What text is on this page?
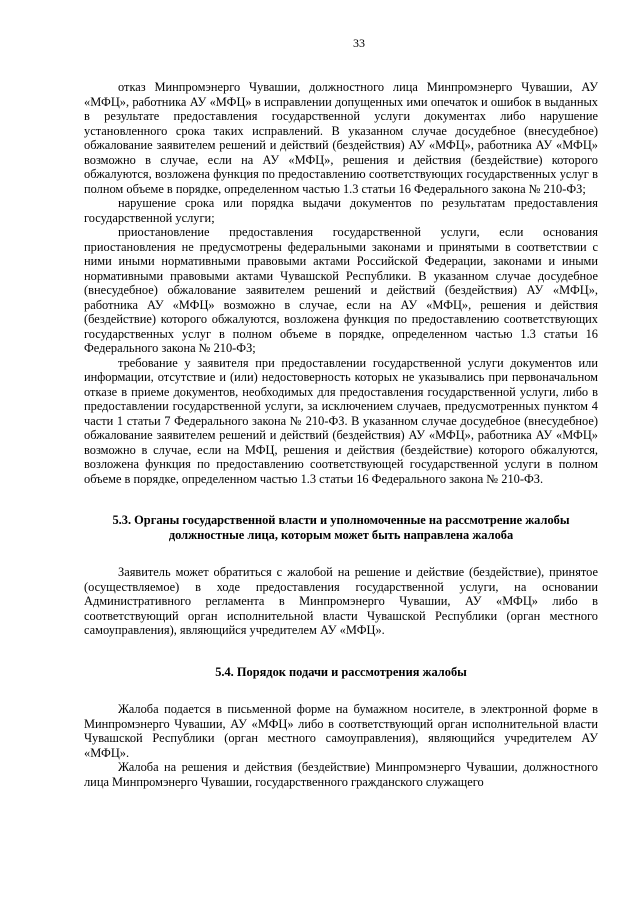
33

отказ Минпромэнерго Чувашии, должностного лица Минпромэнерго Чувашии, АУ «МФЦ», работника АУ «МФЦ» в исправлении допущенных ими опечаток и ошибок в выданных в результате предоставления государственной услуги документах либо нарушение установленного срока таких исправлений. В указанном случае досудебное (внесудебное) обжалование заявителем решений и действий (бездействия) АУ «МФЦ», работника АУ «МФЦ» возможно в случае, если на АУ «МФЦ», решения и действия (бездействие) которого обжалуются, возложена функция по предоставлению соответствующих государственных услуг в полном объеме в порядке, определенном частью 1.3 статьи 16 Федерального закона № 210-ФЗ;

нарушение срока или порядка выдачи документов по результатам предоставления государственной услуги;

приостановление предоставления государственной услуги, если основания приостановления не предусмотрены федеральными законами и принятыми в соответствии с ними иными нормативными правовыми актами Российской Федерации, законами и иными нормативными правовыми актами Чувашской Республики. В указанном случае досудебное (внесудебное) обжалование заявителем решений и действий (бездействия) АУ «МФЦ», работника АУ «МФЦ» возможно в случае, если на АУ «МФЦ», решения и действия (бездействие) которого обжалуются, возложена функция по предоставлению соответствующих государственных услуг в полном объеме в порядке, определенном частью 1.3 статьи 16 Федерального закона № 210-ФЗ;

требование у заявителя при предоставлении государственной услуги документов или информации, отсутствие и (или) недостоверность которых не указывались при первоначальном отказе в приеме документов, необходимых для предоставления государственной услуги, либо в предоставлении государственной услуги, за исключением случаев, предусмотренных пунктом 4 части 1 статьи 7 Федерального закона № 210-ФЗ. В указанном случае досудебное (внесудебное) обжалование заявителем решений и действий (бездействия) АУ «МФЦ», работника АУ «МФЦ» возможно в случае, если на МФЦ, решения и действия (бездействие) которого обжалуются, возложена функция по предоставлению соответствующей государственной услуги в полном объеме в порядке, определенном частью 1.3 статьи 16 Федерального закона № 210-ФЗ.

5.3. Органы государственной власти и уполномоченные на рассмотрение жалобы
должностные лица, которым может быть направлена жалоба

Заявитель может обратиться с жалобой на решение и действие (бездействие), принятое (осуществляемое) в ходе предоставления государственной услуги, на основании Административного регламента в Минпромэнерго Чувашии, АУ «МФЦ» либо в соответствующий орган исполнительной власти Чувашской Республики (орган местного самоуправления), являющийся учредителем АУ «МФЦ».

5.4. Порядок подачи и рассмотрения жалобы

Жалоба подается в письменной форме на бумажном носителе, в электронной форме в Минпромэнерго Чувашии, АУ «МФЦ» либо в соответствующий орган исполнительной власти Чувашской Республики (орган местного самоуправления), являющийся учредителем АУ «МФЦ».

Жалоба на решения и действия (бездействие) Минпромэнерго Чувашии, должностного лица Минпромэнерго Чувашии, государственного гражданского служащего
